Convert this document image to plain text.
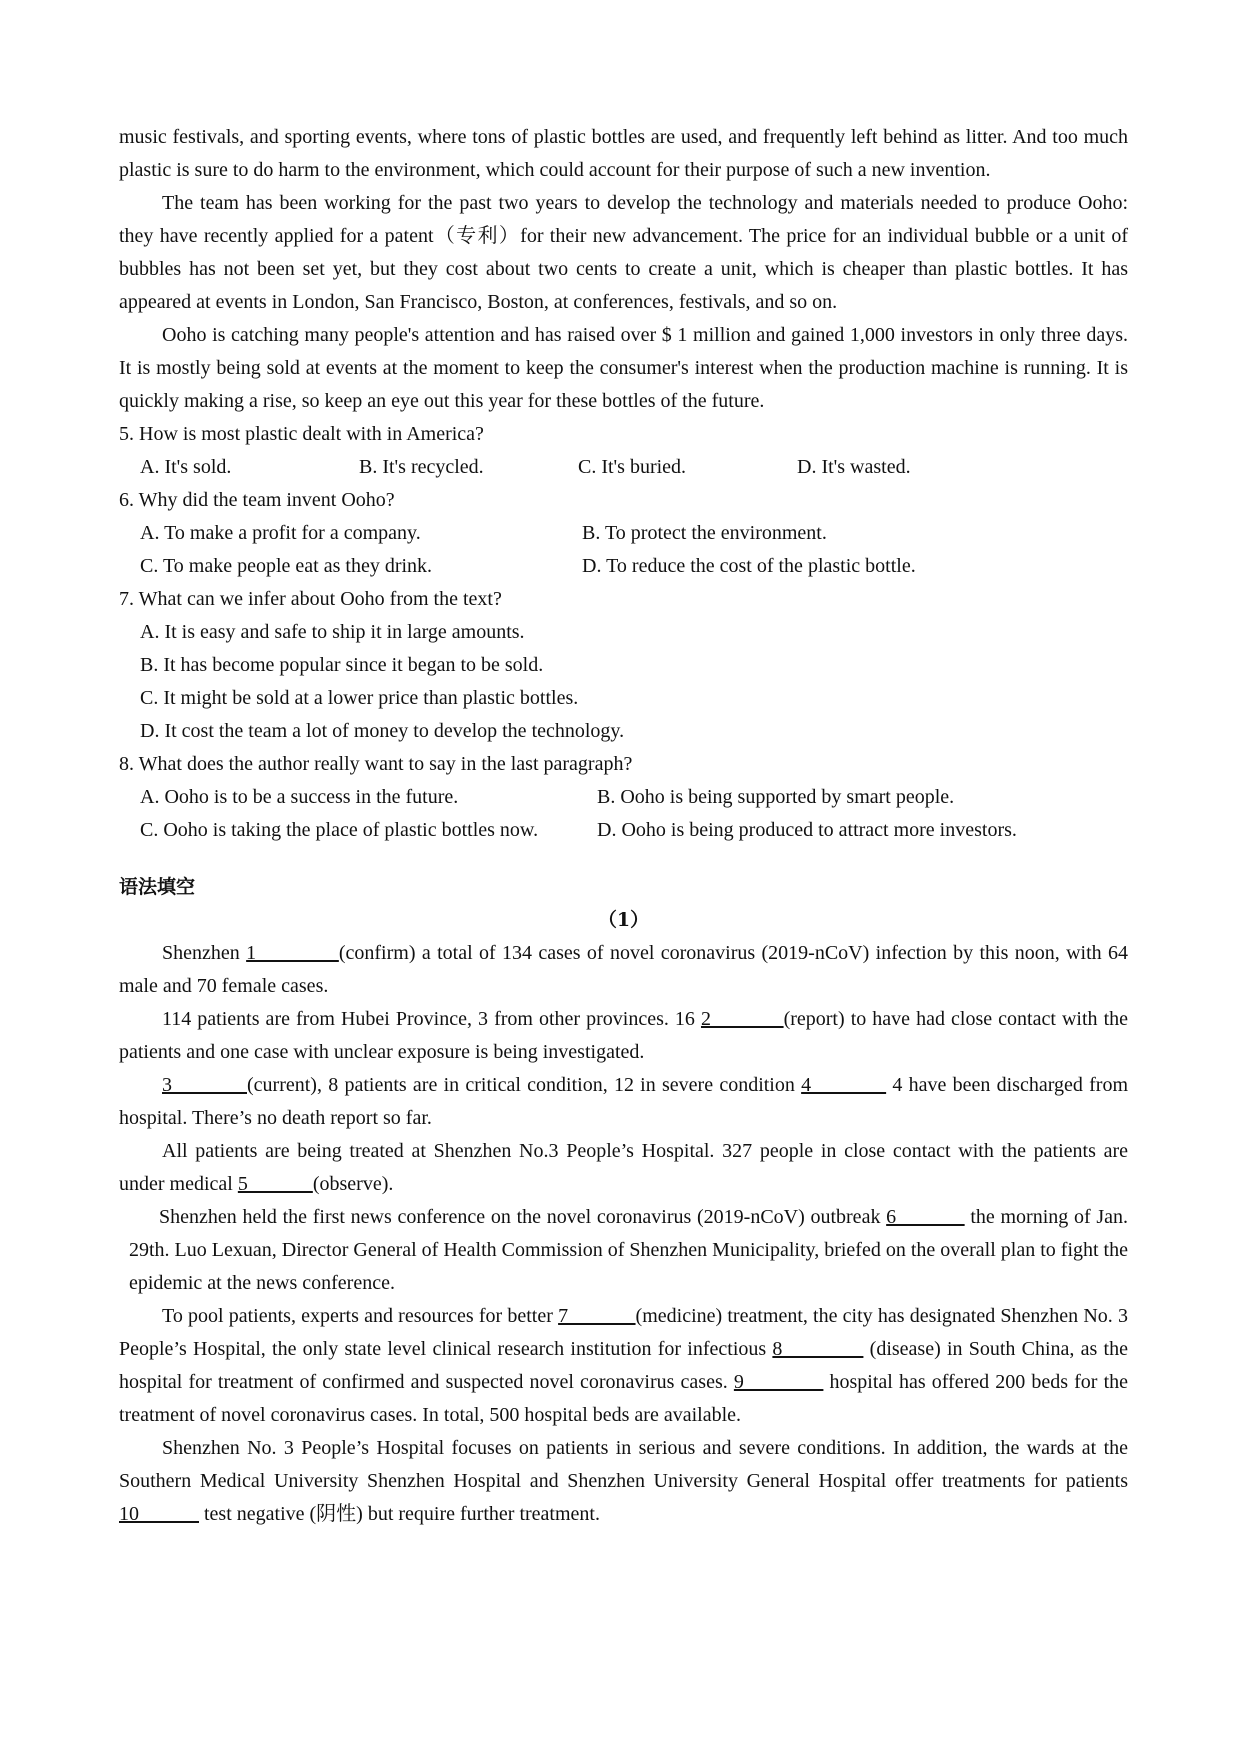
music festivals, and sporting events, where tons of plastic bottles are used, and frequently left behind as litter. And too much plastic is sure to do harm to the environment, which could account for their purpose of such a new invention.

The team has been working for the past two years to develop the technology and materials needed to produce Ooho: they have recently applied for a patent（专利）for their new advancement. The price for an individual bubble or a unit of bubbles has not been set yet, but they cost about two cents to create a unit, which is cheaper than plastic bottles. It has appeared at events in London, San Francisco, Boston, at conferences, festivals, and so on.

Ooho is catching many people's attention and has raised over $ 1 million and gained 1,000 investors in only three days. It is mostly being sold at events at the moment to keep the consumer's interest when the production machine is running. It is quickly making a rise, so keep an eye out this year for these bottles of the future.

5. How is most plastic dealt with in America?
A. It's sold.	B. It's recycled.	C. It's buried.	D. It's wasted.
6. Why did the team invent Ooho?
A. To make a profit for a company.	B. To protect the environment.
C. To make people eat as they drink.	D. To reduce the cost of the plastic bottle.
7. What can we infer about Ooho from the text?
A. It is easy and safe to ship it in large amounts.
B. It has become popular since it began to be sold.
C. It might be sold at a lower price than plastic bottles.
D. It cost the team a lot of money to develop the technology.
8. What does the author really want to say in the last paragraph?
A. Ooho is to be a success in the future.	B. Ooho is being supported by smart people.
C. Ooho is taking the place of plastic bottles now.	D. Ooho is being produced to attract more investors.
语法填空
（1）

Shenzhen 1             (confirm) a total of 134 cases of novel coronavirus (2019-nCoV) infection by this noon, with 64 male and 70 female cases.

114 patients are from Hubei Province, 3 from other provinces. 16 2            (report) to have had close contact with the patients and one case with unclear exposure is being investigated.

3            (current), 8 patients are in critical condition, 12 in severe condition 4             4 have been discharged from hospital. There’s no death report so far.

All patients are being treated at Shenzhen No.3 People’s Hospital. 327 people in close contact with the patients are under medical 5             (observe).

Shenzhen held the first news conference on the novel coronavirus (2019-nCoV) outbreak 6             the morning of Jan. 29th. Luo Lexuan, Director General of Health Commission of Shenzhen Municipality, briefed on the overall plan to fight the epidemic at the news conference.

To pool patients, experts and resources for better 7             (medicine) treatment, the city has designated Shenzhen No. 3 People’s Hospital, the only state level clinical research institution for infectious 8              (disease) in South China, as the hospital for treatment of confirmed and suspected novel coronavirus cases. 9              hospital has offered 200 beds for the treatment of novel coronavirus cases. In total, 500 hospital beds are available.

Shenzhen No. 3 People’s Hospital focuses on patients in serious and severe conditions. In addition, the wards at the Southern Medical University Shenzhen Hospital and Shenzhen University General Hospital offer treatments for patients 10             test negative (阴性) but require further treatment.
